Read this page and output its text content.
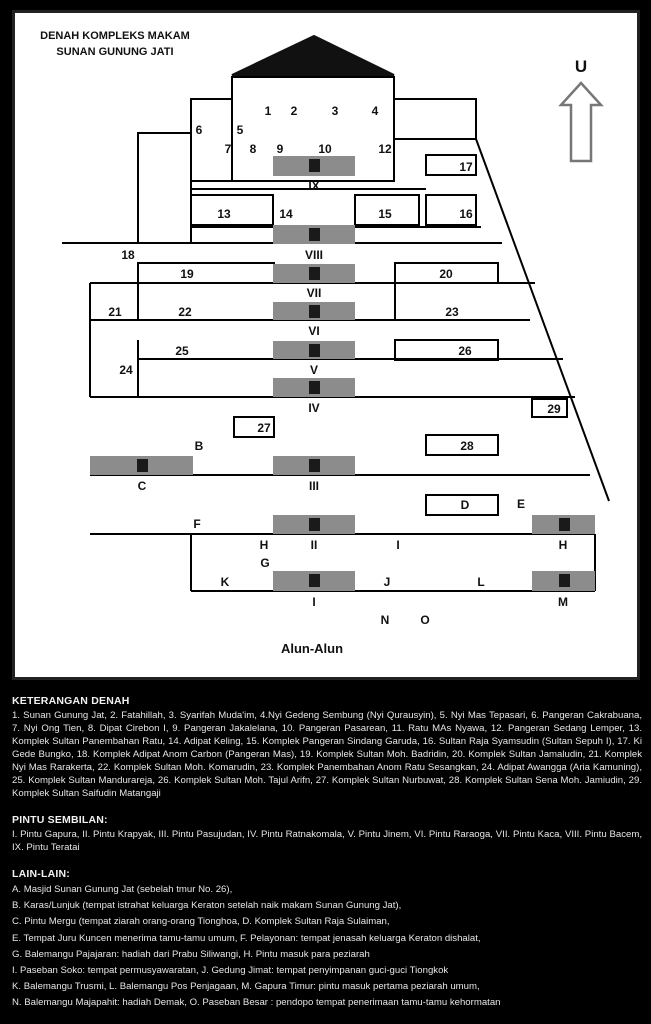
DENAH KOMPLEKS MAKAM
SUNAN GUNUNG JATI
U
Alun-Alun
1 2	3	4
5
6
7 8 9	10	12
13	14	15	16
17
18
19	20
21	22	23
24
25	26
29
27
28
IX
VIII
VII
VI
V
IV
III
II
I
B
C
D	E
F
G
H	H
I
J
K	L
M
N	O
KETERANGAN DENAH
1. Sunan Gunung Jat, 2. Fatahillah, 3. Syarifah Muda'im, 4.Nyi Gedeng Sembung (Nyi Qurausyin), 5. Nyi Mas Tepasari, 6. Pangeran Cakrabuana, 7. Nyi Ong Tien, 8. Dipat Cirebon I, 9. Pangeran Jakalelana, 10. Pangeran Pasarean, 11. Ratu MAs Nyawa, 12. Pangeran Sedang Lemper, 13. Komplek Sultan Panembahan Ratu, 14. Adipat Keling, 15. Komplek Pangeran Sindang Garuda, 16. Sultan Raja Syamsudin (Sultan Sepuh I), 17. Ki Gede Bungko, 18. Komplek Adipat Anom Carbon (Pangeran Mas), 19. Komplek Sultan Moh. Badridin, 20. Komplek Sultan Jamaludin, 21. Komplek Nyi Mas Rarakerta, 22. Komplek Sultan Moh. Komarudin, 23. Komplek Panembahan Anom Ratu Sesangkan, 24. Adipat Awangga (Aria Kamuning), 25. Komplek Sultan Mandurareja, 26. Komplek Sultan Moh. Tajul Arifn, 27. Komplek Sultan Nurbuwat, 28. Komplek Sultan Sena Moh. Jamiudin, 29. Komplek Sultan Saifudin Matangaji
PINTU SEMBILAN:
I. Pintu Gapura, II. Pintu Krapyak, III. Pintu Pasujudan, IV. Pintu Ratnakomala, V. Pintu Jinem, VI. Pintu Raraoga, VII. Pintu Kaca, VIII. Pintu Bacem, IX. Pintu Teratai
LAIN-LAIN:
A. Masjid Sunan Gunung Jat (sebelah tmur No. 26),
B. Karas/Lunjuk (tempat istrahat keluarga Keraton setelah naik makam Sunan Gunung Jat),
C. Pintu Mergu (tempat ziarah orang-orang Tionghoa, D. Komplek Sultan Raja Sulaiman,
E. Tempat Juru Kuncen menerima tamu-tamu umum, F. Pelayonan: tempat jenasah keluarga Keraton dishalat,
G. Balemangu Pajajaran: hadiah dari Prabu Siliwangi, H. Pintu masuk para peziarah
I. Paseban Soko: tempat permusyawaratan, J. Gedung Jimat: tempat penyimpanan guci-guci Tiongkok
K. Balemangu Trusmi, L. Balemangu Pos Penjagaan, M. Gapura Timur: pintu masuk pertama peziarah umum,
N. Balemangu Majapahit: hadiah Demak, O. Paseban Besar : pendopo tempat penerimaan tamu-tamu kehormatan
